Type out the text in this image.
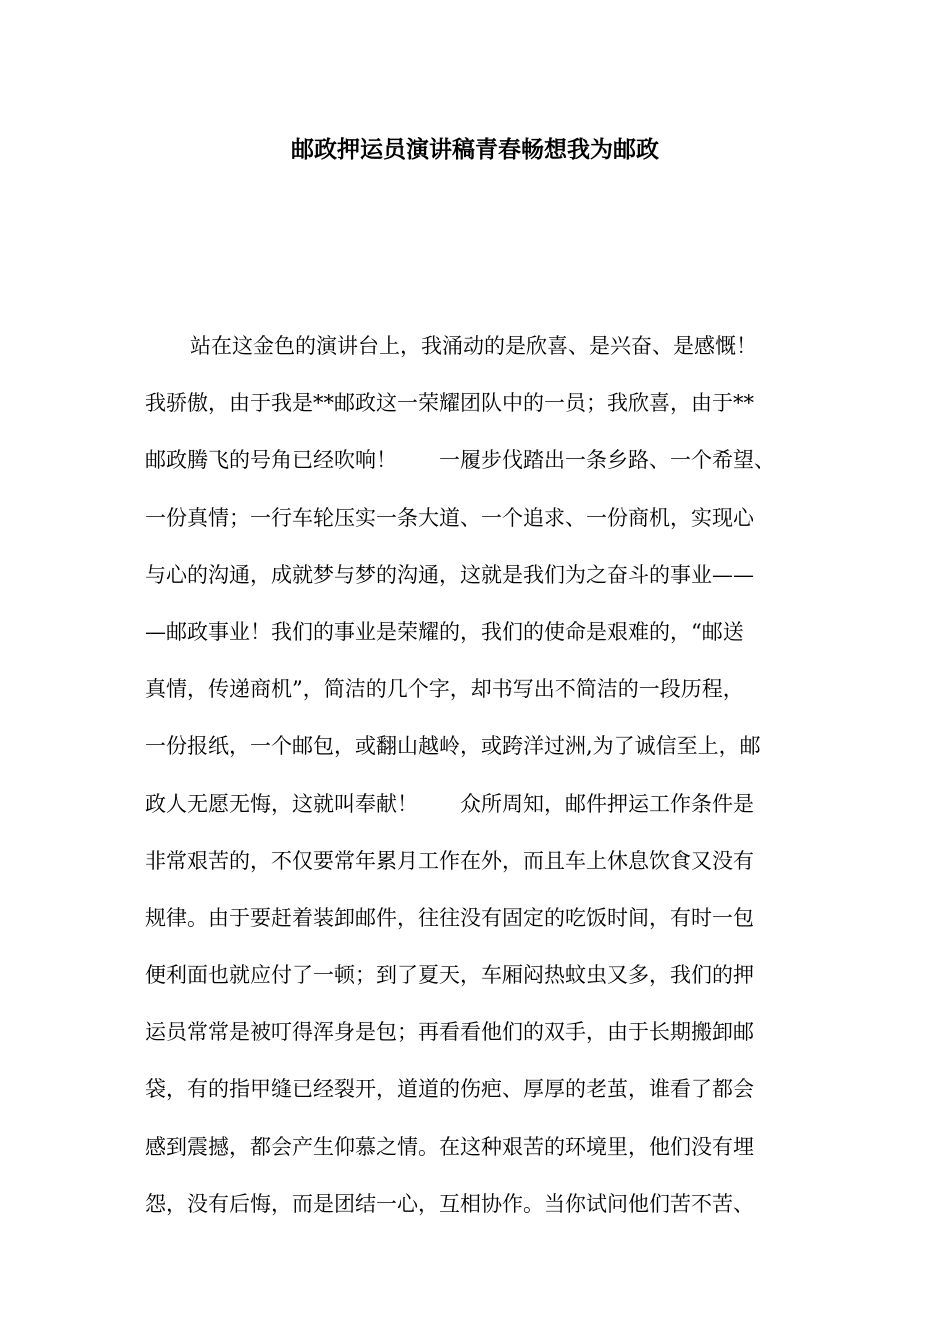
邮政押运员演讲稿青春畅想我为邮政
站在这金色的演讲台上，我涌动的是欣喜、是兴奋、是感慨！
我骄傲，由于我是**邮政这一荣耀团队中的一员；我欣喜，由于**
邮政腾飞的号角已经吹响！　　一履步伐踏出一条乡路、一个希望、
一份真情；一行车轮压实一条大道、一个追求、一份商机，实现心
与心的沟通，成就梦与梦的沟通，这就是我们为之奋斗的事业——
—邮政事业！我们的事业是荣耀的，我们的使命是艰难的，“邮送
真情，传递商机”，简洁的几个字，却书写出不简洁的一段历程，
一份报纸，一个邮包，或翻山越岭，或跨洋过洲,为了诚信至上，邮
政人无愿无悔，这就叫奉献！　　众所周知，邮件押运工作条件是
非常艰苦的，不仅要常年累月工作在外，而且车上休息饮食又没有
规律。由于要赶着装卸邮件，往往没有固定的吃饭时间，有时一包
便利面也就应付了一顿；到了夏天，车厢闷热蚊虫又多，我们的押
运员常常是被叮得浑身是包；再看看他们的双手，由于长期搬卸邮
袋，有的指甲缝已经裂开，道道的伤疤、厚厚的老茧，谁看了都会
感到震撼，都会产生仰慕之情。在这种艰苦的环境里，他们没有埋
怨，没有后悔，而是团结一心，互相协作。当你试问他们苦不苦、
